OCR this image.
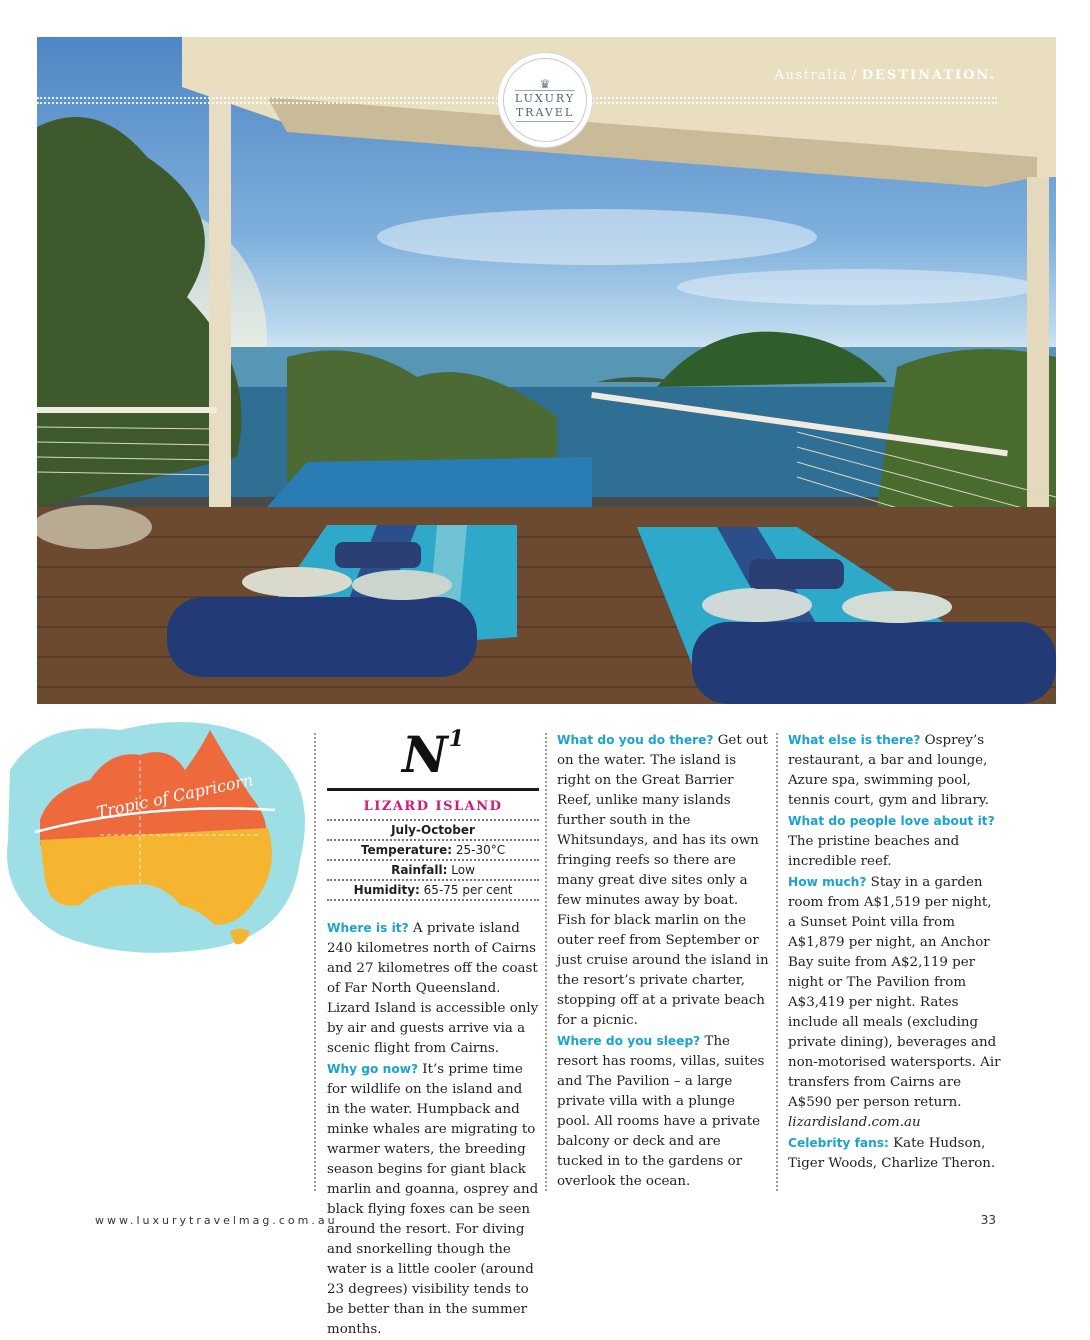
Australia / DESTINATION.
♛
LUXURY
TRAVEL
Tropic of Capricorn
$N^1$
LIZARD ISLAND
July-October
Temperature: 25-30°C
Rainfall: Low
Humidity: 65-75 per cent

Where is it? A private island 240 kilometres north of Cairns and 27 kilometres off the coast of Far North Queensland. Lizard Island is accessible only by air and guests arrive via a scenic flight from Cairns.

Why go now? It’s prime time for wildlife on the island and in the water. Humpback and minke whales are migrating to warmer waters, the breeding season begins for giant black marlin and goanna, osprey and black flying foxes can be seen around the resort. For diving and snorkelling though the water is a little cooler (around 23 degrees) visibility tends to be better than in the summer months.

What do you do there? Get out on the water. The island is right on the Great Barrier Reef, unlike many islands further south in the Whitsundays, and has its own fringing reefs so there are many great dive sites only a few minutes away by boat. Fish for black marlin on the outer reef from September or just cruise around the island in the resort’s private charter, stopping off at a private beach for a picnic.

Where do you sleep? The resort has rooms, villas, suites and The Pavilion – a large private villa with a plunge pool. All rooms have a private balcony or deck and are tucked in to the gardens or overlook the ocean.

What else is there? Osprey’s restaurant, a bar and lounge, Azure spa, swimming pool, tennis court, gym and library.

What do people love about it?
The pristine beaches and incredible reef.

How much? Stay in a garden room from A$1,519 per night, a Sunset Point villa from A$1,879 per night, an Anchor Bay suite from A$2,119 per night or The Pavilion from A$3,419 per night. Rates include all meals (excluding private dining), beverages and non-motorised watersports. Air transfers from Cairns are A$590 per person return.

lizardisland.com.au

Celebrity fans: Kate Hudson, Tiger Woods, Charlize Theron.

www.luxurytravelmag.com.au	33
